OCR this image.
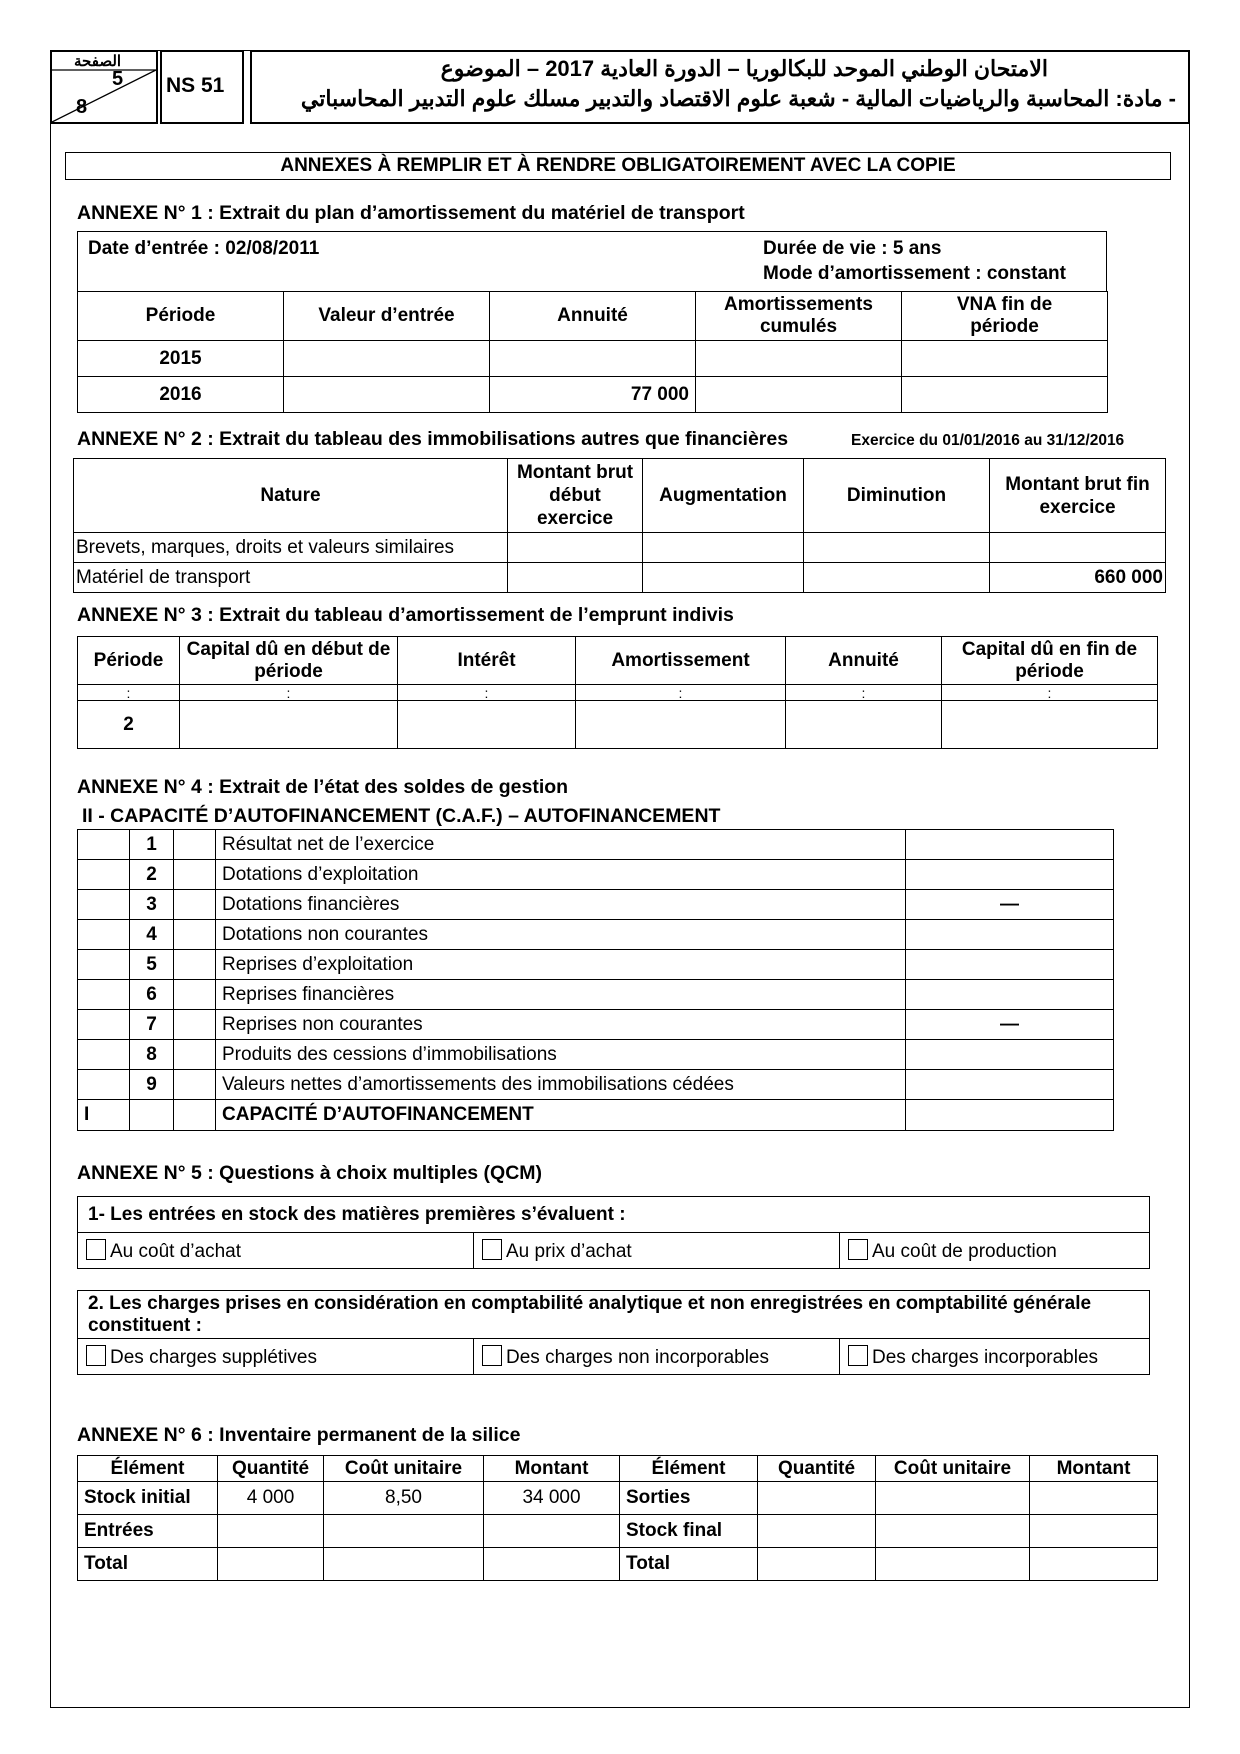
الصفحة
5
8
NS 51
الامتحان الوطني الموحد للبكالوريا – الدورة العادية 2017 – الموضوع
- مادة: المحاسبة والرياضيات المالية - شعبة علوم الاقتصاد والتدبير مسلك علوم التدبير المحاسباتي
ANNEXES À REMPLIR ET À RENDRE OBLIGATOIREMENT AVEC LA COPIE
ANNEXE N° 1 : Extrait du plan d’amortissement du matériel de transport
Date d’entrée : 02/08/2011	Durée de vie : 5 ans
Mode d’amortissement : constant
Période	Valeur d’entrée	Annuité	Amortissements cumulés	VNA fin de période
2015				
2016		77 000		
ANNEXE N° 2 : Extrait du tableau des immobilisations autres que financières	Exercice du 01/01/2016 au 31/12/2016
Nature	Montant brut début exercice	Augmentation	Diminution	Montant brut fin exercice
Brevets, marques, droits et valeurs similaires				
Matériel de transport				660 000
ANNEXE N° 3 : Extrait du tableau d’amortissement de l’emprunt indivis
Période	Capital dû en début de période	Intérêt	Amortissement	Annuité	Capital dû en fin de période
:	:	:	:	:	:
2					
ANNEXE N° 4 : Extrait de l’état des soldes de gestion
II - CAPACITÉ D’AUTOFINANCEMENT (C.A.F.) – AUTOFINANCEMENT
	1		Résultat net de l’exercice	
	2		Dotations d’exploitation	
	3		Dotations financières	—
	4		Dotations non courantes	
	5		Reprises d’exploitation	
	6		Reprises financières	
	7		Reprises non courantes	—
	8		Produits des cessions d’immobilisations	
	9		Valeurs nettes d’amortissements des immobilisations cédées	
I			CAPACITÉ D’AUTOFINANCEMENT	
ANNEXE N° 5 : Questions à choix multiples (QCM)
1- Les entrées en stock des matières premières s’évaluent :
Au coût d’achat	Au prix d’achat	Au coût de production
2. Les charges prises en considération en comptabilité analytique et non enregistrées en comptabilité générale constituent :
Des charges supplétives	Des charges non incorporables	Des charges incorporables
ANNEXE N° 6 : Inventaire permanent de la silice
Élément	Quantité	Coût unitaire	Montant	Élément	Quantité	Coût unitaire	Montant
Stock initial	4 000	8,50	34 000	Sorties			
Entrées				Stock final			
Total				Total			
